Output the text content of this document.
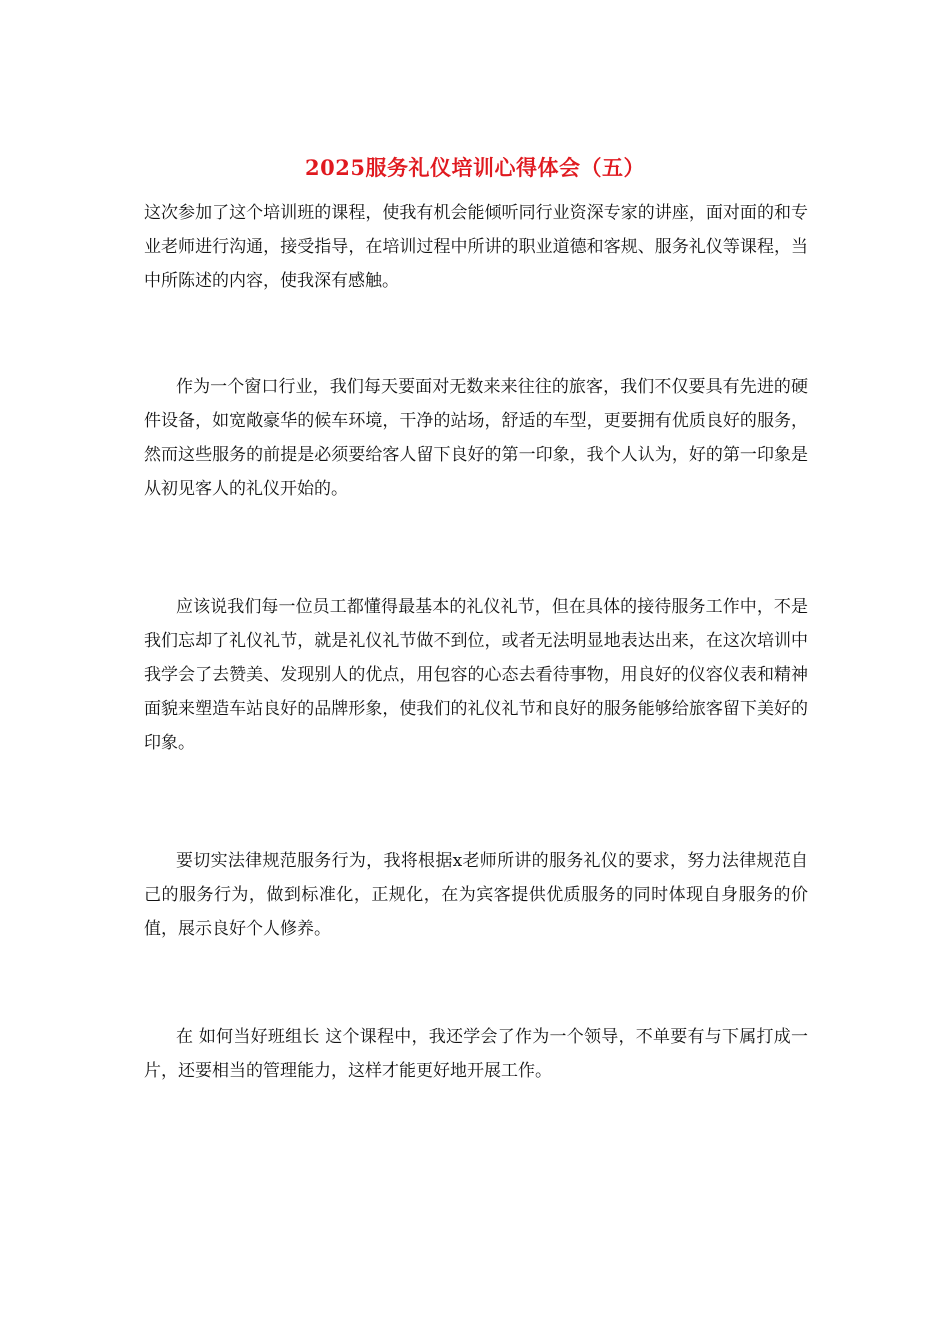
2025服务礼仪培训心得体会（五）

这次参加了这个培训班的课程，使我有机会能倾听同行业资深专家的讲座，面对面的和专业老师进行沟通，接受指导，在培训过程中所讲的职业道德和客规、服务礼仪等课程，当中所陈述的内容，使我深有感触。

作为一个窗口行业，我们每天要面对无数来来往往的旅客，我们不仅要具有先进的硬件设备，如宽敞豪华的候车环境，干净的站场，舒适的车型，更要拥有优质良好的服务，然而这些服务的前提是必须要给客人留下良好的第一印象，我个人认为，好的第一印象是从初见客人的礼仪开始的。

应该说我们每一位员工都懂得最基本的礼仪礼节，但在具体的接待服务工作中，不是我们忘却了礼仪礼节，就是礼仪礼节做不到位，或者无法明显地表达出来，在这次培训中我学会了去赞美、发现别人的优点，用包容的心态去看待事物，用良好的仪容仪表和精神面貌来塑造车站良好的品牌形象，使我们的礼仪礼节和良好的服务能够给旅客留下美好的印象。

要切实法律规范服务行为，我将根据x老师所讲的服务礼仪的要求，努力法律规范自己的服务行为，做到标准化，正规化，在为宾客提供优质服务的同时体现自身服务的价值，展示良好个人修养。

在 如何当好班组长 这个课程中，我还学会了作为一个领导，不单要有与下属打成一片，还要相当的管理能力，这样才能更好地开展工作。
